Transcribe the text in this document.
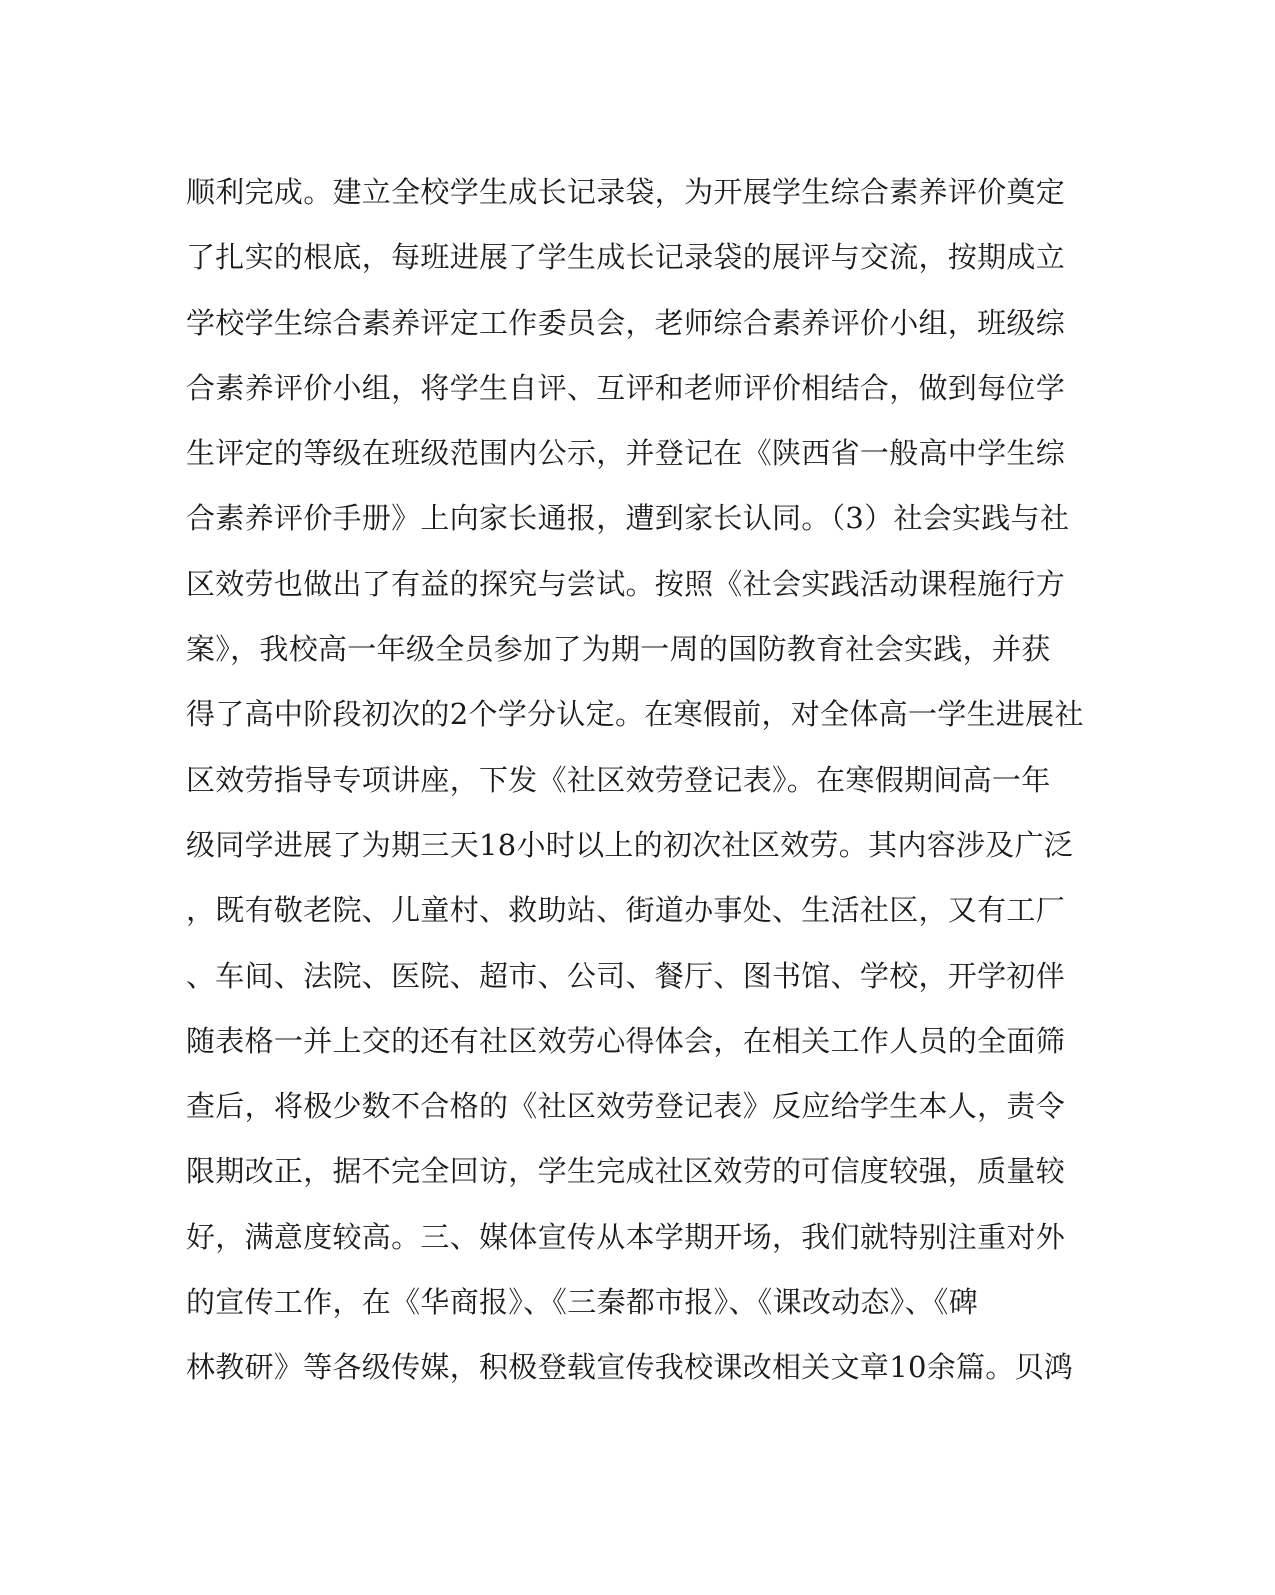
顺利完成。建立全校学生成长记录袋，为开展学生综合素养评价奠定
了扎实的根底，每班进展了学生成长记录袋的展评与交流，按期成立
学校学生综合素养评定工作委员会，老师综合素养评价小组，班级综
合素养评价小组，将学生自评、互评和老师评价相结合，做到每位学
生评定的等级在班级范围内公示，并登记在《陕西省一般高中学生综
合素养评价手册》上向家长通报，遭到家长认同。（3）社会实践与社
区效劳也做出了有益的探究与尝试。按照《社会实践活动课程施行方
案》，我校高一年级全员参加了为期一周的国防教育社会实践，并获
得了高中阶段初次的2个学分认定。在寒假前，对全体高一学生进展社
区效劳指导专项讲座，下发《社区效劳登记表》。在寒假期间高一年
级同学进展了为期三天18小时以上的初次社区效劳。其内容涉及广泛
，既有敬老院、儿童村、救助站、街道办事处、生活社区，又有工厂
、车间、法院、医院、超市、公司、餐厅、图书馆、学校，开学初伴
随表格一并上交的还有社区效劳心得体会，在相关工作人员的全面筛
查后，将极少数不合格的《社区效劳登记表》反应给学生本人，责令
限期改正，据不完全回访，学生完成社区效劳的可信度较强，质量较
好，满意度较高。三、媒体宣传从本学期开场，我们就特别注重对外
的宣传工作，在《华商报》、《三秦都市报》、《课改动态》、《碑
林教研》等各级传媒，积极登载宣传我校课改相关文章10余篇。贝鸿
